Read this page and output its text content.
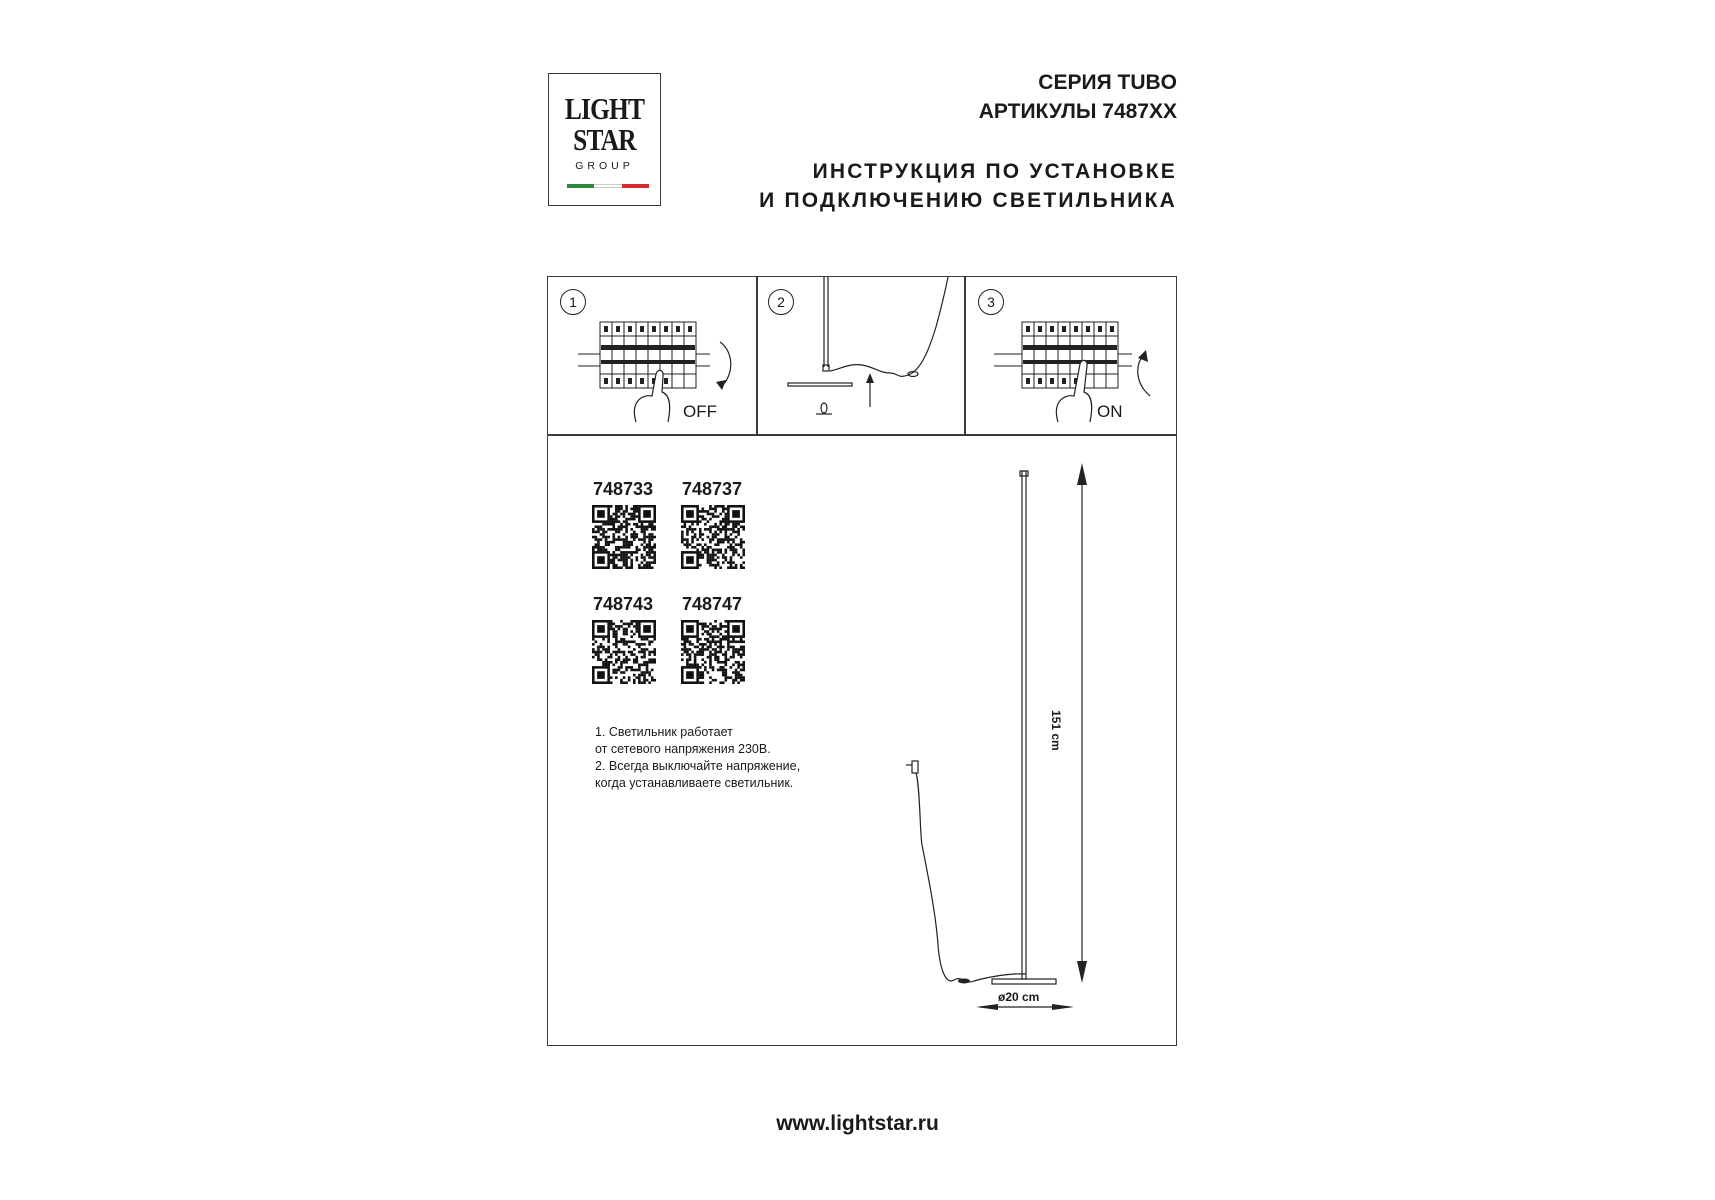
LIGHT
STAR
GROUP
СЕРИЯ TUBO
АРТИКУЛЫ 7487XX
ИНСТРУКЦИЯ ПО УСТАНОВКЕ
И ПОДКЛЮЧЕНИЮ СВЕТИЛЬНИКА
1
OFF
2	3
ON
748733 748737
748743 748747
1. Светильник работает
от сетевого напряжения 230В.
2. Всегда выключайте напряжение,
когда устанавливаете светильник.
151 cm
ø20 cm
www.lightstar.ru
